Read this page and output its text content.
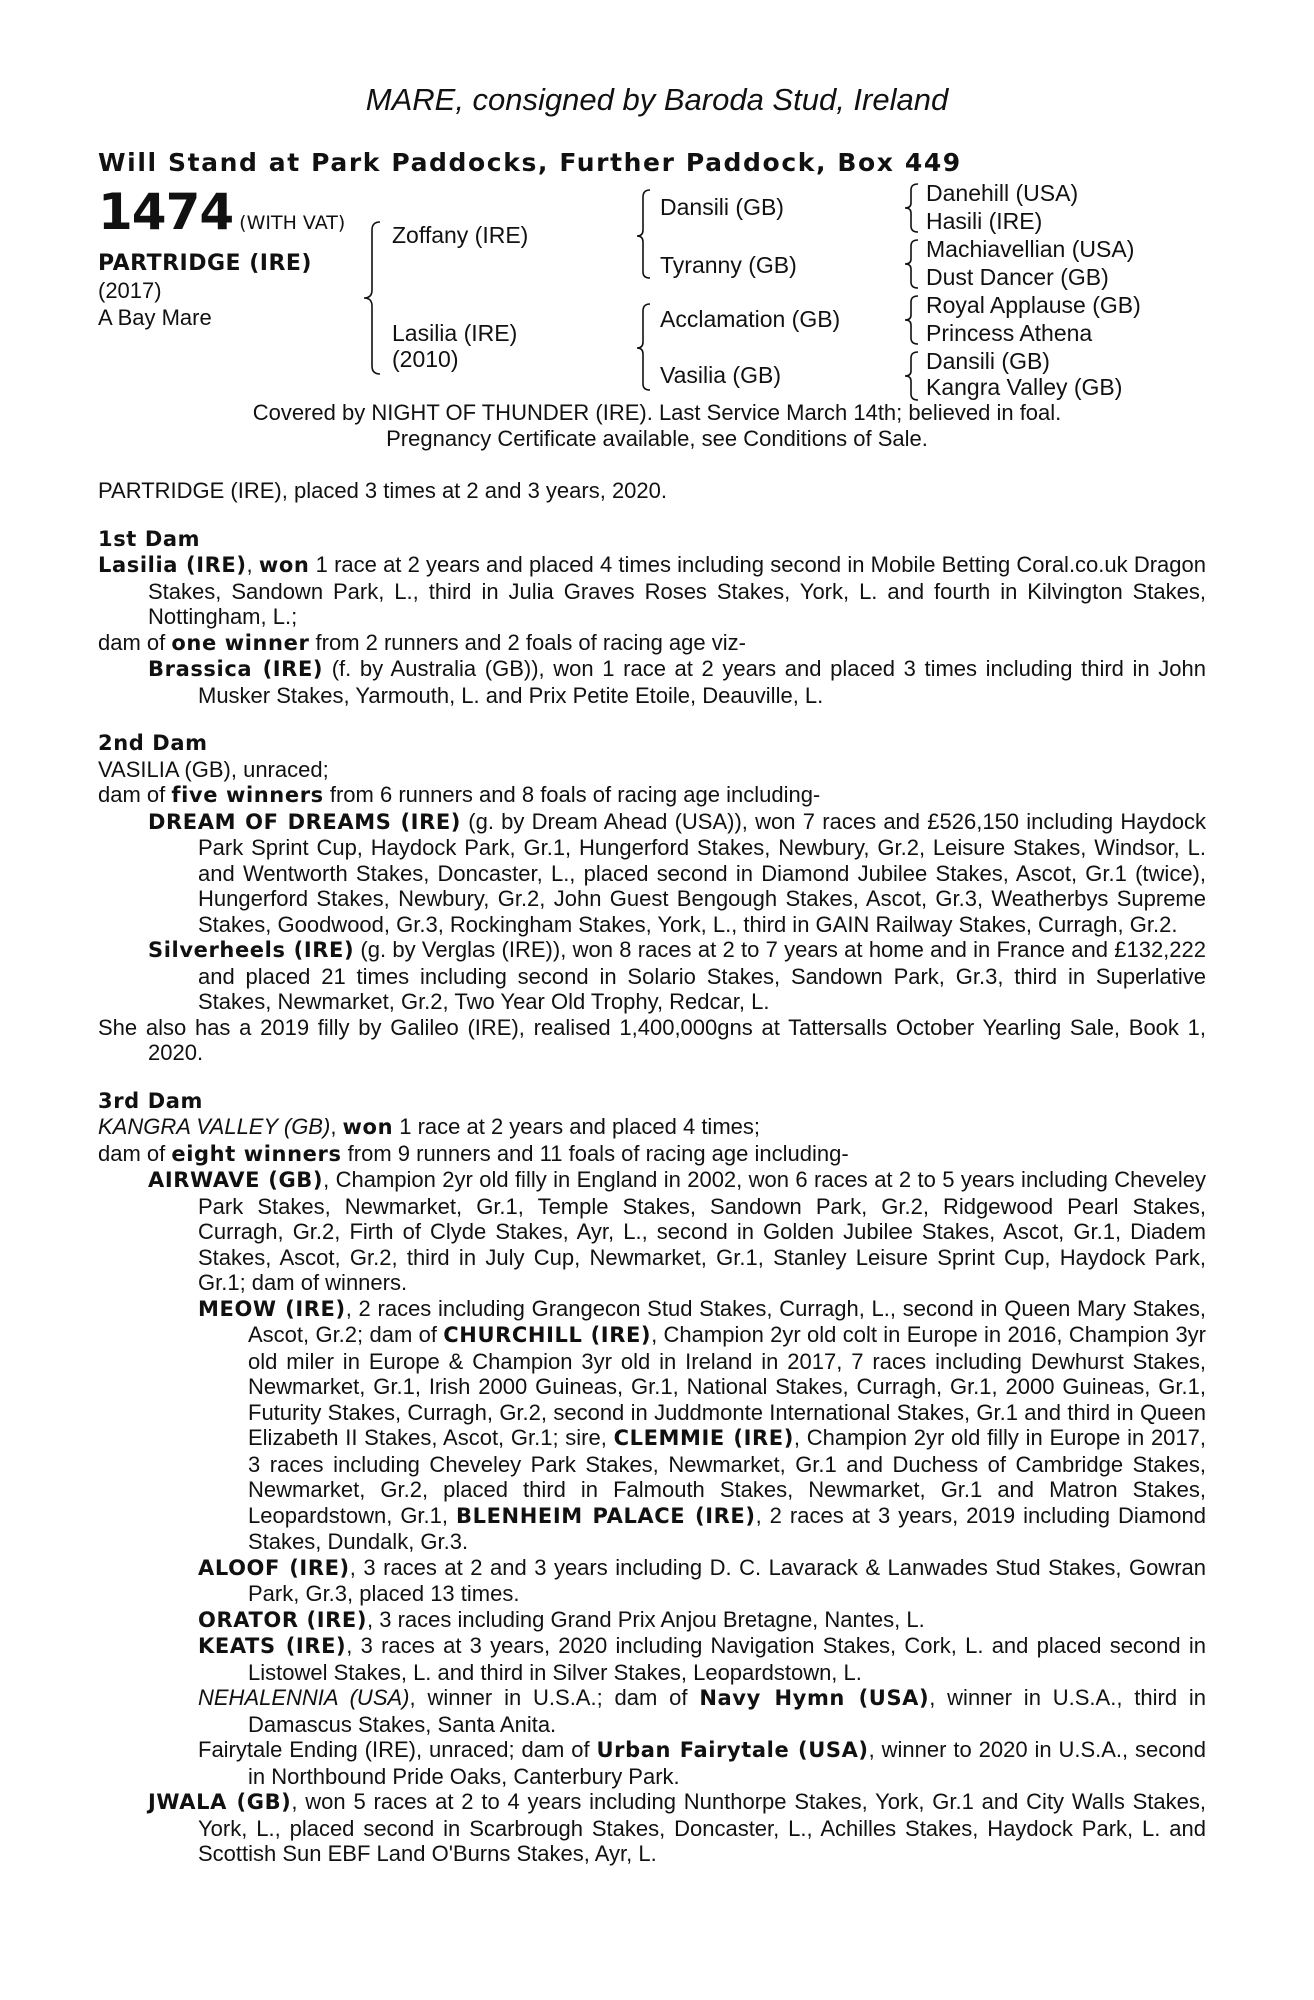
MARE, consigned by Baroda Stud, Ireland
Will Stand at Park Paddocks, Further Paddock, Box 449
1474 (WITH VAT)
PARTRIDGE (IRE)
(2017)
A Bay Mare
Zoffany (IRE)
Lasilia (IRE)
(2010)
Dansili (GB)
Tyranny (GB)
Acclamation (GB)
Vasilia (GB)
Danehill (USA)
Hasili (IRE)
Machiavellian (USA)
Dust Dancer (GB)
Royal Applause (GB)
Princess Athena
Dansili (GB)
Kangra Valley (GB)
Covered by NIGHT OF THUNDER (IRE). Last Service March 14th; believed in foal.
Pregnancy Certificate available, see Conditions of Sale.

PARTRIDGE (IRE), placed 3 times at 2 and 3 years, 2020.

1st Dam

Lasilia (IRE), won 1 race at 2 years and placed 4 times including second in Mobile Betting Coral.co.uk Dragon Stakes, Sandown Park, L., third in Julia Graves Roses Stakes, York, L. and fourth in Kilvington Stakes, Nottingham, L.;

dam of one winner from 2 runners and 2 foals of racing age viz-

Brassica (IRE) (f. by Australia (GB)), won 1 race at 2 years and placed 3 times including third in John Musker Stakes, Yarmouth, L. and Prix Petite Etoile, Deauville, L.

2nd Dam

VASILIA (GB), unraced;

dam of five winners from 6 runners and 8 foals of racing age including-

DREAM OF DREAMS (IRE) (g. by Dream Ahead (USA)), won 7 races and £526,150 including Haydock Park Sprint Cup, Haydock Park, Gr.1, Hungerford Stakes, Newbury, Gr.2, Leisure Stakes, Windsor, L. and Wentworth Stakes, Doncaster, L., placed second in Diamond Jubilee Stakes, Ascot, Gr.1 (twice), Hungerford Stakes, Newbury, Gr.2, John Guest Bengough Stakes, Ascot, Gr.3, Weatherbys Supreme Stakes, Goodwood, Gr.3, Rockingham Stakes, York, L., third in GAIN Railway Stakes, Curragh, Gr.2.

Silverheels (IRE) (g. by Verglas (IRE)), won 8 races at 2 to 7 years at home and in France and £132,222 and placed 21 times including second in Solario Stakes, Sandown Park, Gr.3, third in Superlative Stakes, Newmarket, Gr.2, Two Year Old Trophy, Redcar, L.

She also has a 2019 filly by Galileo (IRE), realised 1,400,000gns at Tattersalls October Yearling Sale, Book 1, 2020.

3rd Dam

KANGRA VALLEY (GB), won 1 race at 2 years and placed 4 times;

dam of eight winners from 9 runners and 11 foals of racing age including-

AIRWAVE (GB), Champion 2yr old filly in England in 2002, won 6 races at 2 to 5 years including Cheveley Park Stakes, Newmarket, Gr.1, Temple Stakes, Sandown Park, Gr.2, Ridgewood Pearl Stakes, Curragh, Gr.2, Firth of Clyde Stakes, Ayr, L., second in Golden Jubilee Stakes, Ascot, Gr.1, Diadem Stakes, Ascot, Gr.2, third in July Cup, Newmarket, Gr.1, Stanley Leisure Sprint Cup, Haydock Park, Gr.1; dam of winners.

MEOW (IRE), 2 races including Grangecon Stud Stakes, Curragh, L., second in Queen Mary Stakes, Ascot, Gr.2; dam of CHURCHILL (IRE), Champion 2yr old colt in Europe in 2016, Champion 3yr old miler in Europe & Champion 3yr old in Ireland in 2017, 7 races including Dewhurst Stakes, Newmarket, Gr.1, Irish 2000 Guineas, Gr.1, National Stakes, Curragh, Gr.1, 2000 Guineas, Gr.1, Futurity Stakes, Curragh, Gr.2, second in Juddmonte International Stakes, Gr.1 and third in Queen Elizabeth II Stakes, Ascot, Gr.1; sire, CLEMMIE (IRE), Champion 2yr old filly in Europe in 2017, 3 races including Cheveley Park Stakes, Newmarket, Gr.1 and Duchess of Cambridge Stakes, Newmarket, Gr.2, placed third in Falmouth Stakes, Newmarket, Gr.1 and Matron Stakes, Leopardstown, Gr.1, BLENHEIM PALACE (IRE), 2 races at 3 years, 2019 including Diamond Stakes, Dundalk, Gr.3.

ALOOF (IRE), 3 races at 2 and 3 years including D. C. Lavarack & Lanwades Stud Stakes, Gowran Park, Gr.3, placed 13 times.

ORATOR (IRE), 3 races including Grand Prix Anjou Bretagne, Nantes, L.

KEATS (IRE), 3 races at 3 years, 2020 including Navigation Stakes, Cork, L. and placed second in Listowel Stakes, L. and third in Silver Stakes, Leopardstown, L.

NEHALENNIA (USA), winner in U.S.A.; dam of Navy Hymn (USA), winner in U.S.A., third in Damascus Stakes, Santa Anita.

Fairytale Ending (IRE), unraced; dam of Urban Fairytale (USA), winner to 2020 in U.S.A., second in Northbound Pride Oaks, Canterbury Park.

JWALA (GB), won 5 races at 2 to 4 years including Nunthorpe Stakes, York, Gr.1 and City Walls Stakes, York, L., placed second in Scarbrough Stakes, Doncaster, L., Achilles Stakes, Haydock Park, L. and Scottish Sun EBF Land O'Burns Stakes, Ayr, L.
